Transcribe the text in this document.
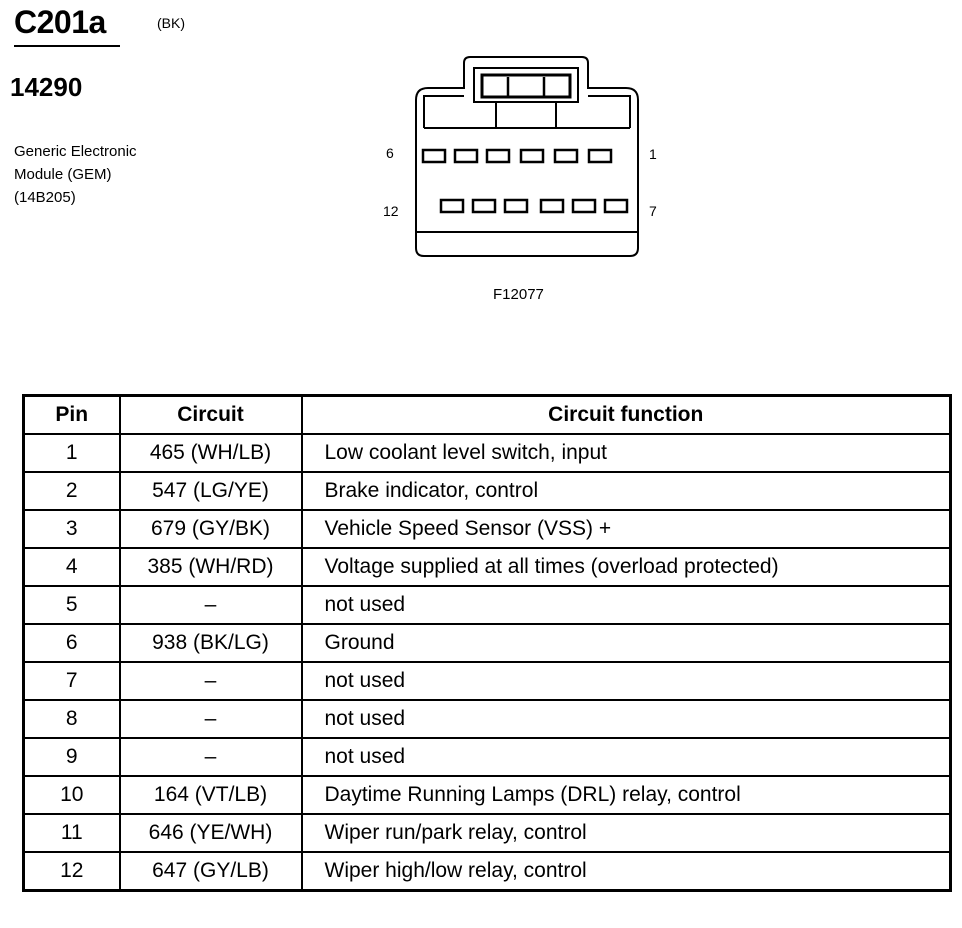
C201a	(BK)
14290
Generic Electronic
Module (GEM)
(14B205)
6	1
12	7
F12077
Pin	Circuit	Circuit function
1	465 (WH/LB)	Low coolant level switch, input
2	547 (LG/YE)	Brake indicator, control
3	679 (GY/BK)	Vehicle Speed Sensor (VSS) +
4	385 (WH/RD)	Voltage supplied at all times (overload protected)
5	–	not used
6	938 (BK/LG)	Ground
7	–	not used
8	–	not used
9	–	not used
10	164 (VT/LB)	Daytime Running Lamps (DRL) relay, control
11	646 (YE/WH)	Wiper run/park relay, control
12	647 (GY/LB)	Wiper high/low relay, control
